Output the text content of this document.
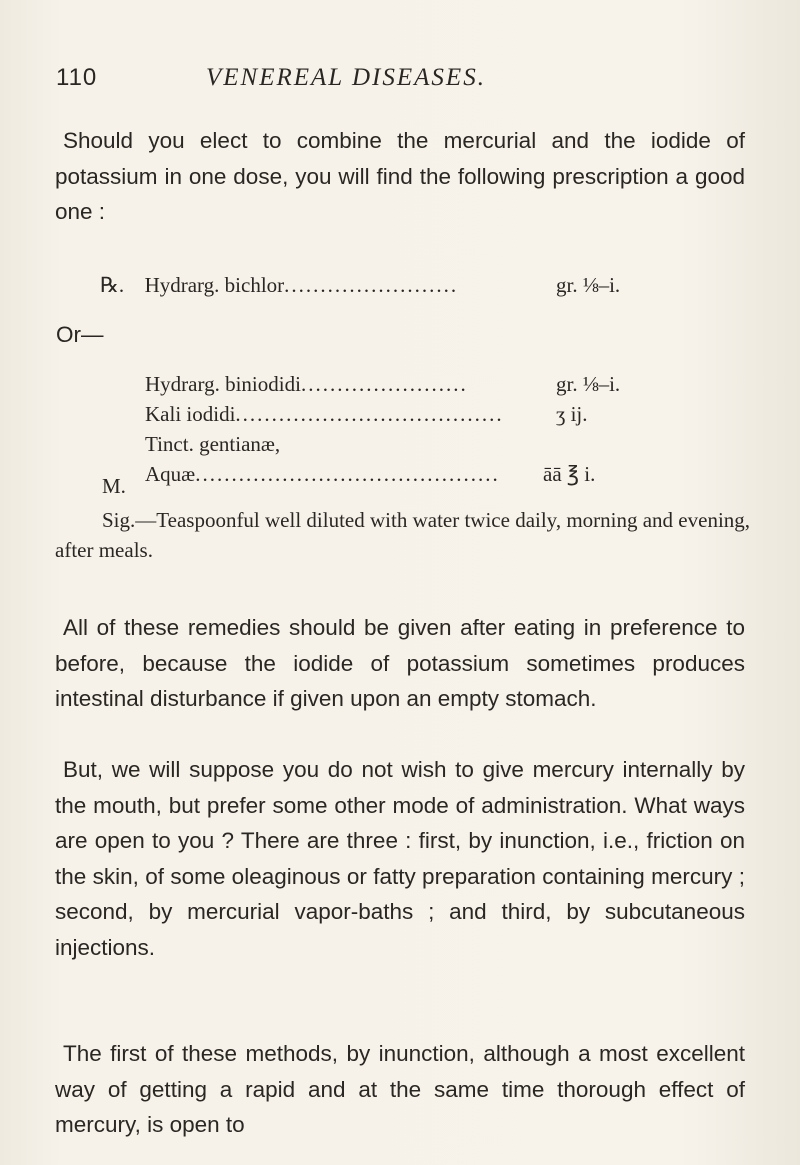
110	VENEREAL DISEASES.
Should you elect to combine the mercurial and the iodide of potassium in one dose, you will find the following prescription a good one :
℞. Hydrarg. bichlor........................	gr. ⅛–i.
Or—
Hydrarg. biniodidi.......................	gr. ⅛–i.
Kali iodidi..................................... ʒ ij.
Tinct. gentianæ,
Aquæ.......................................... āā ℥ i.
M.
Sig.—Teaspoonful well diluted with water twice daily, morning and evening, after meals.
All of these remedies should be given after eating in preference to before, because the iodide of potassium sometimes produces intestinal disturbance if given upon an empty stomach.
But, we will suppose you do not wish to give mercury internally by the mouth, but prefer some other mode of administration. What ways are open to you ? There are three : first, by inunction, i.e., friction on the skin, of some oleaginous or fatty preparation containing mercury ; second, by mercurial vapor-baths ; and third, by subcutaneous injections.
The first of these methods, by inunction, although a most excellent way of getting a rapid and at the same time thorough effect of mercury, is open to
